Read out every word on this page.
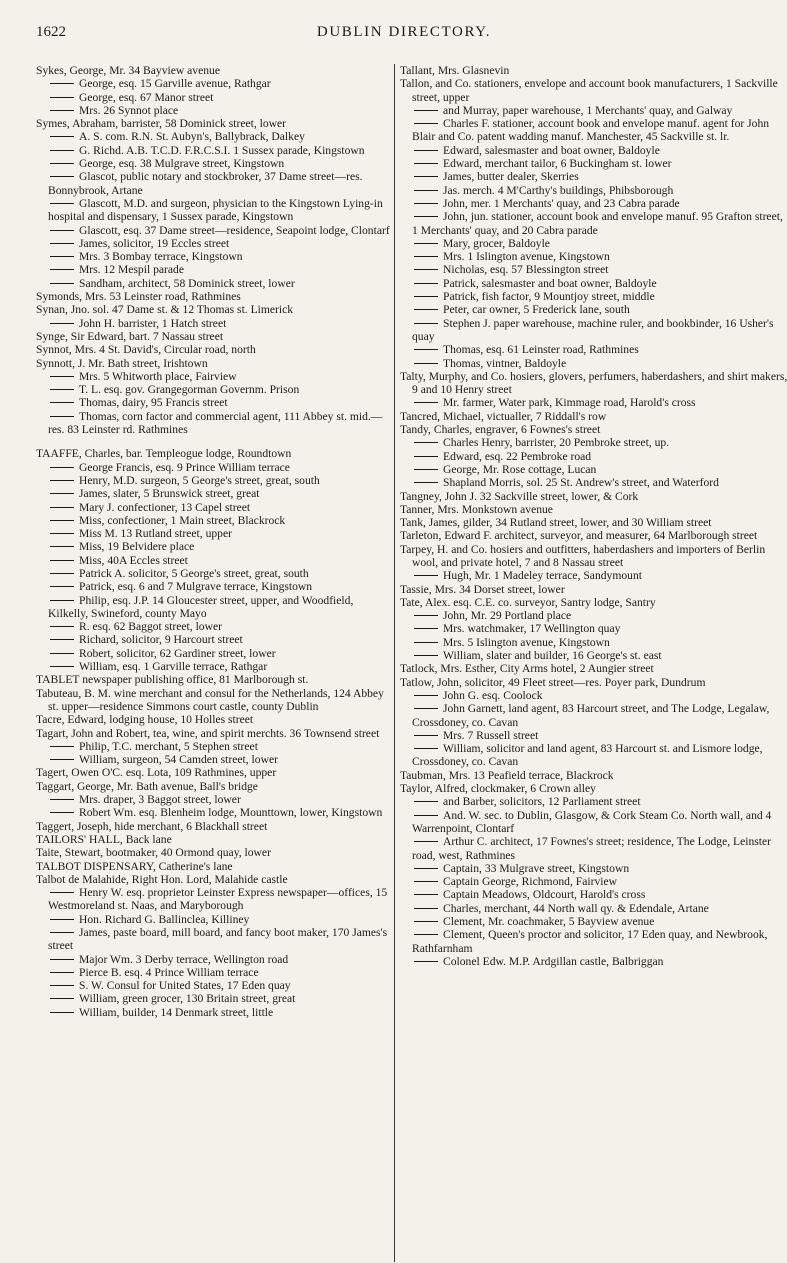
1622	DUBLIN DIRECTORY.
Sykes, George, Mr. 34 Bayview avenue
George, esq. 15 Garville avenue, Rathgar
George, esq. 67 Manor street
Mrs. 26 Synnot place
Symes, Abraham, barrister, 58 Dominick street, lower
A. S. com. R.N. St. Aubyn's, Ballybrack, Dalkey
G. Richd. A.B. T.C.D. F.R.C.S.I. 1 Sussex parade, Kingstown
George, esq. 38 Mulgrave street, Kingstown
Glascot, public notary and stockbroker, 37 Dame street—res. Bonnybrook, Artane
Glascott, M.D. and surgeon, physician to the Kingstown Lying-in hospital and dispensary, 1 Sussex parade, Kingstown
Glascott, esq. 37 Dame street—residence, Seapoint lodge, Clontarf
James, solicitor, 19 Eccles street
Mrs. 3 Bombay terrace, Kingstown
Mrs. 12 Mespil parade
Sandham, architect, 58 Dominick street, lower
Symonds, Mrs. 53 Leinster road, Rathmines
Synan, Jno. sol. 47 Dame st. & 12 Thomas st. Limerick
John H. barrister, 1 Hatch street
Synge, Sir Edward, bart. 7 Nassau street
Synnot, Mrs. 4 St. David's, Circular road, north
Synnott, J. Mr. Bath street, Irishtown
Mrs. 5 Whitworth place, Fairview
T. L. esq. gov. Grangegorman Governm. Prison
Thomas, dairy, 95 Francis street
Thomas, corn factor and commercial agent, 111 Abbey st. mid.—res. 83 Leinster rd. Rathmines
TAAFFE, Charles, bar. Templeogue lodge, Roundtown
George Francis, esq. 9 Prince William terrace
Henry, M.D. surgeon, 5 George's street, great, south
James, slater, 5 Brunswick street, great
Mary J. confectioner, 13 Capel street
Miss, confectioner, 1 Main street, Blackrock
Miss M. 13 Rutland street, upper
Miss, 19 Belvidere place
Miss, 40A Eccles street
Patrick A. solicitor, 5 George's street, great, south
Patrick, esq. 6 and 7 Mulgrave terrace, Kingstown
Philip, esq. J.P. 14 Gloucester street, upper, and Woodfield, Kilkelly, Swineford, county Mayo
R. esq. 62 Baggot street, lower
Richard, solicitor, 9 Harcourt street
Robert, solicitor, 62 Gardiner street, lower
William, esq. 1 Garville terrace, Rathgar
TABLET newspaper publishing office, 81 Marlborough st.
Tabuteau, B. M. wine merchant and consul for the Netherlands, 124 Abbey st. upper—residence Simmons court castle, county Dublin
Tacre, Edward, lodging house, 10 Holles street
Tagart, John and Robert, tea, wine, and spirit merchts. 36 Townsend street
Philip, T.C. merchant, 5 Stephen street
William, surgeon, 54 Camden street, lower
Tagert, Owen O'C. esq. Lota, 109 Rathmines, upper
Taggart, George, Mr. Bath avenue, Ball's bridge
Mrs. draper, 3 Baggot street, lower
Robert Wm. esq. Blenheim lodge, Mounttown, lower, Kingstown
Taggert, Joseph, hide merchant, 6 Blackhall street
TAILORS' HALL, Back lane
Taite, Stewart, bootmaker, 40 Ormond quay, lower
TALBOT DISPENSARY, Catherine's lane
Talbot de Malahide, Right Hon. Lord, Malahide castle
Henry W. esq. proprietor Leinster Express newspaper—offices, 15 Westmoreland st. Naas, and Maryborough
Hon. Richard G. Ballinclea, Killiney
James, paste board, mill board, and fancy boot maker, 170 James's street
Major Wm. 3 Derby terrace, Wellington road
Pierce B. esq. 4 Prince William terrace
S. W. Consul for United States, 17 Eden quay
William, green grocer, 130 Britain street, great
William, builder, 14 Denmark street, little
Tallant, Mrs. Glasnevin
Tallon, and Co. stationers, envelope and account book manufacturers, 1 Sackville street, upper
and Murray, paper warehouse, 1 Merchants' quay, and Galway
Charles F. stationer, account book and envelope manuf. agent for John Blair and Co. patent wadding manuf. Manchester, 45 Sackville st. lr.
Edward, salesmaster and boat owner, Baldoyle
Edward, merchant tailor, 6 Buckingham st. lower
James, butter dealer, Skerries
Jas. merch. 4 M'Carthy's buildings, Phibsborough
John, mer. 1 Merchants' quay, and 23 Cabra parade
John, jun. stationer, account book and envelope manuf. 95 Grafton street, 1 Merchants' quay, and 20 Cabra parade
Mary, grocer, Baldoyle
Mrs. 1 Islington avenue, Kingstown
Nicholas, esq. 57 Blessington street
Patrick, salesmaster and boat owner, Baldoyle
Patrick, fish factor, 9 Mountjoy street, middle
Peter, car owner, 5 Frederick lane, south
Stephen J. paper warehouse, machine ruler, and bookbinder, 16 Usher's quay
Thomas, esq. 61 Leinster road, Rathmines
Thomas, vintner, Baldoyle
Talty, Murphy, and Co. hosiers, glovers, perfumers, haberdashers, and shirt makers, 9 and 10 Henry street
Mr. farmer, Water park, Kimmage road, Harold's cross
Tancred, Michael, victualler, 7 Riddall's row
Tandy, Charles, engraver, 6 Fownes's street
Charles Henry, barrister, 20 Pembroke street, up.
Edward, esq. 22 Pembroke road
George, Mr. Rose cottage, Lucan
Shapland Morris, sol. 25 St. Andrew's street, and Waterford
Tangney, John J. 32 Sackville street, lower, & Cork
Tanner, Mrs. Monkstown avenue
Tank, James, gilder, 34 Rutland street, lower, and 30 William street
Tarleton, Edward F. architect, surveyor, and measurer, 64 Marlborough street
Tarpey, H. and Co. hosiers and outfitters, haberdashers and importers of Berlin wool, and private hotel, 7 and 8 Nassau street
Hugh, Mr. 1 Madeley terrace, Sandymount
Tassie, Mrs. 34 Dorset street, lower
Tate, Alex. esq. C.E. co. surveyor, Santry lodge, Santry
John, Mr. 29 Portland place
Mrs. watchmaker, 17 Wellington quay
Mrs. 5 Islington avenue, Kingstown
William, slater and builder, 16 George's st. east
Tatlock, Mrs. Esther, City Arms hotel, 2 Aungier street
Tatlow, John, solicitor, 49 Fleet street—res. Poyer park, Dundrum
John G. esq. Coolock
John Garnett, land agent, 83 Harcourt street, and The Lodge, Legalaw, Crossdoney, co. Cavan
Mrs. 7 Russell street
William, solicitor and land agent, 83 Harcourt st. and Lismore lodge, Crossdoney, co. Cavan
Taubman, Mrs. 13 Peafield terrace, Blackrock
Taylor, Alfred, clockmaker, 6 Crown alley
and Barber, solicitors, 12 Parliament street
And. W. sec. to Dublin, Glasgow, & Cork Steam Co. North wall, and 4 Warrenpoint, Clontarf
Arthur C. architect, 17 Fownes's street; residence, The Lodge, Leinster road, west, Rathmines
Captain, 33 Mulgrave street, Kingstown
Captain George, Richmond, Fairview
Captain Meadows, Oldcourt, Harold's cross
Charles, merchant, 44 North wall qy. & Edendale, Artane
Clement, Mr. coachmaker, 5 Bayview avenue
Clement, Queen's proctor and solicitor, 17 Eden quay, and Newbrook, Rathfarnham
Colonel Edw. M.P. Ardgillan castle, Balbriggan
